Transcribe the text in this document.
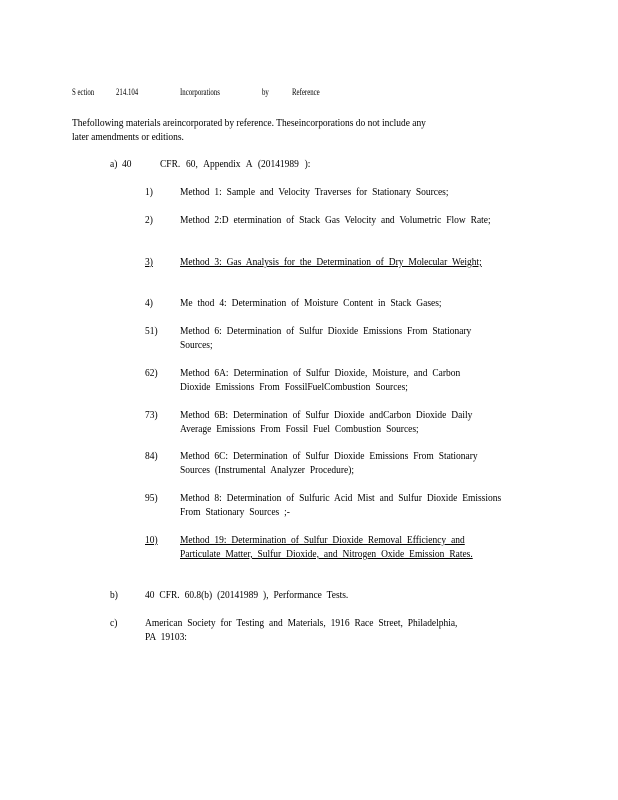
S ection 214.104	Incorporations	by Reference
Thefollowing materials areincorporated by reference. Theseincorporations do not include any later amendments or editions.
a) 40	CFR. 60, Appendix A (20141989 ):
1) Method 1: Sample and Velocity Traverses for Stationary Sources;
2) Method 2:D etermination of Stack Gas Velocity and Volumetric Flow Rate;
3) Method 3: Gas Analysis for the Determination of Dry Molecular Weight;
4) Me thod 4: Determination of Moisture Content in Stack Gases;
51) Method 6: Determination of Sulfur Dioxide Emissions From Stationary Sources;
62) Method 6A: Determination of Sulfur Dioxide, Moisture, and Carbon Dioxide Emissions From FossilFuelCombustion Sources;
73) Method 6B: Determination of Sulfur Dioxide andCarbon Dioxide Daily Average Emissions From Fossil Fuel Combustion Sources;
84) Method 6C: Determination of Sulfur Dioxide Emissions From Stationary Sources (Instrumental Analyzer Procedure);
95) Method 8: Determination of Sulfuric Acid Mist and Sulfur Dioxide Emissions From Stationary Sources ;-
10) Method 19: Determination of Sulfur Dioxide Removal Efficiency and Particulate Matter, Sulfur Dioxide, and Nitrogen Oxide Emission Rates.
b) 40 CFR. 60.8(b) (20141989 ), Performance Tests.
c)	American Society for Testing and Materials, 1916 Race Street, Philadelphia, PA 19103:
